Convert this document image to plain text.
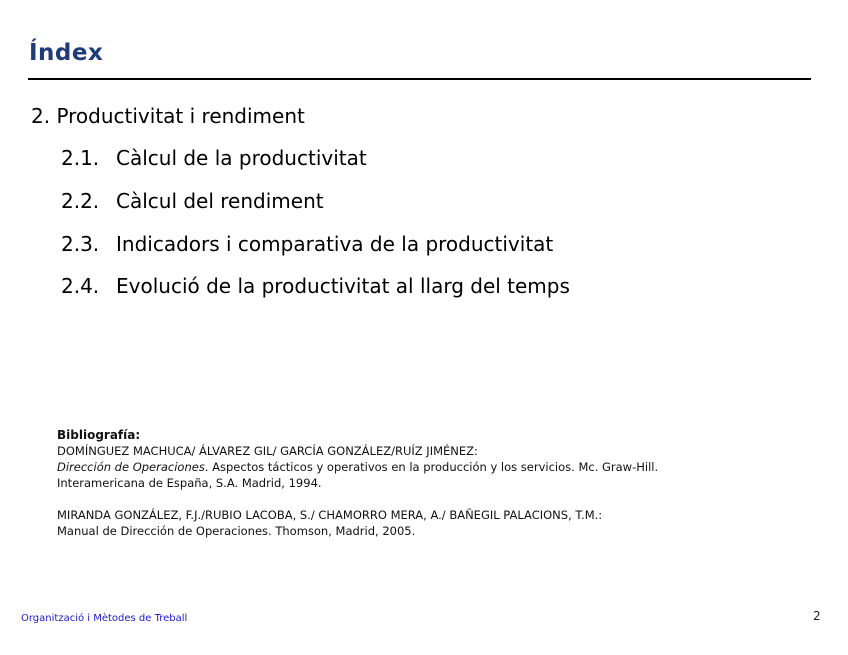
Índex
2. Productivitat i rendiment
2.1. Càlcul de la productivitat
2.2. Càlcul del rendiment
2.3. Indicadors i comparativa de la productivitat
2.4. Evolució de la productivitat al llarg del temps
Bibliografía:
DOMÍNGUEZ MACHUCA/ ÁLVAREZ GIL/ GARCÍA GONZÁLEZ/RUÍZ JIMÉNEZ:
Dirección de Operaciones. Aspectos tácticos y operativos en la producción y los servicios. Mc. Graw-Hill.
Interamericana de España, S.A. Madrid, 1994.
MIRANDA GONZÁLEZ, F.J./RUBIO LACOBA, S./ CHAMORRO MERA, A./ BAÑEGIL PALACIONS, T.M.:
Manual de Dirección de Operaciones. Thomson, Madrid, 2005.
Organització i Mètodes de Treball	2
